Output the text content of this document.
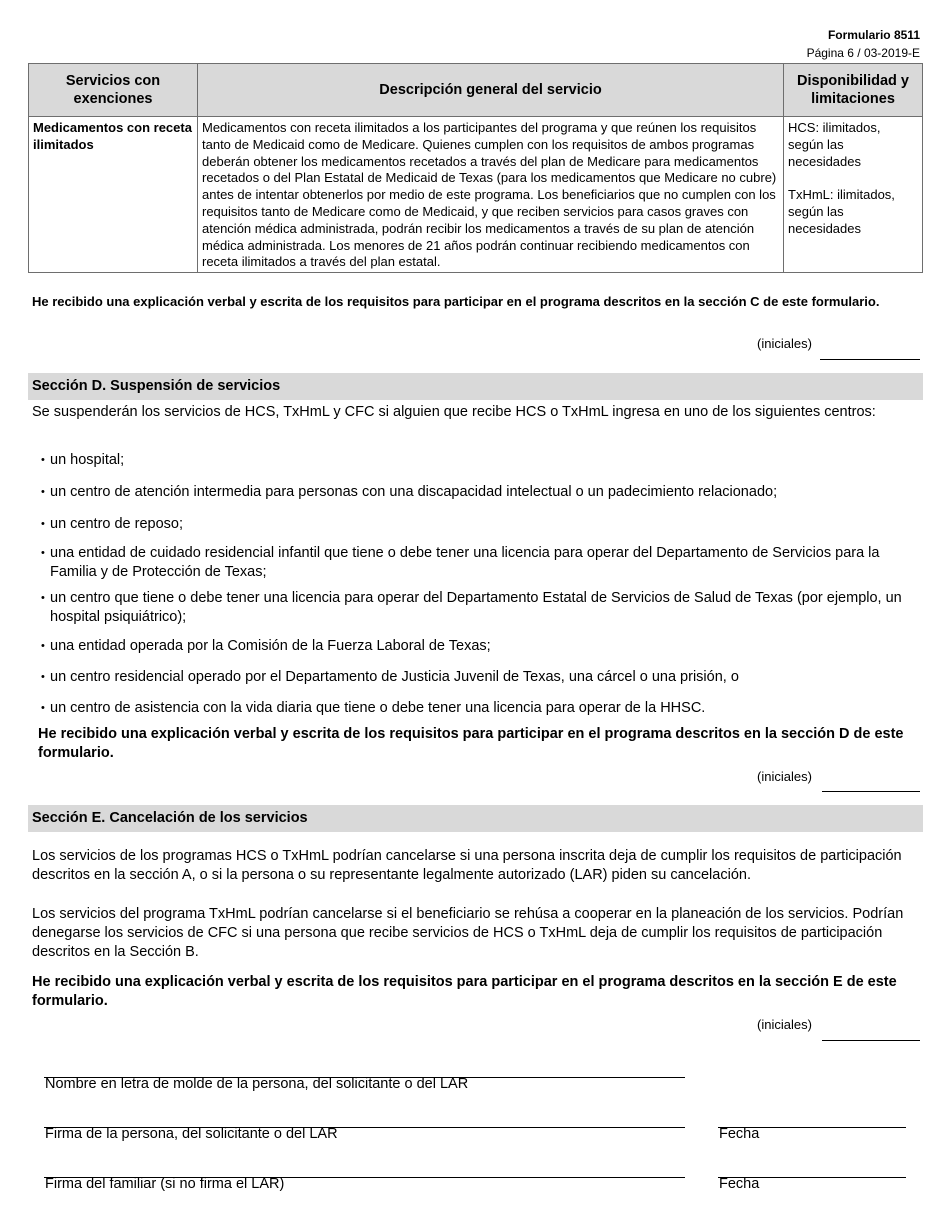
Formulario 8511
Página 6 / 03-2019-E
Servicios con exenciones	Descripción general del servicio	Disponibilidad y limitaciones
Medicamentos con receta ilimitados	Medicamentos con receta ilimitados a los participantes del programa y que reúnen los requisitos tanto de Medicaid como de Medicare. Quienes cumplen con los requisitos de ambos programas deberán obtener los medicamentos recetados a través del plan de Medicare para medicamentos recetados o del Plan Estatal de Medicaid de Texas (para los medicamentos que Medicare no cubre) antes de intentar obtenerlos por medio de este programa. Los beneficiarios que no cumplen con los requisitos tanto de Medicare como de Medicaid, y que reciben servicios para casos graves con atención médica administrada, podrán recibir los medicamentos a través de su plan de atención médica administrada. Los menores de 21 años podrán continuar recibiendo medicamentos con receta ilimitados a través del plan estatal.	HCS: ilimitados, según las necesidades
TxHmL: ilimitados, según las necesidades
He recibido una explicación verbal y escrita de los requisitos para participar en el programa descritos en la sección C de este formulario.
(iniciales)
Sección D. Suspensión de servicios
Se suspenderán los servicios de HCS, TxHmL y CFC si alguien que recibe HCS o TxHmL ingresa en uno de los siguientes centros:
• un hospital;
• un centro de atención intermedia para personas con una discapacidad intelectual o un padecimiento relacionado;
• un centro de reposo;
• una entidad de cuidado residencial infantil que tiene o debe tener una licencia para operar del Departamento de Servicios para la Familia y de Protección de Texas;
• un centro que tiene o debe tener una licencia para operar del Departamento Estatal de Servicios de Salud de Texas (por ejemplo, un hospital psiquiátrico);
• una entidad operada por la Comisión de la Fuerza Laboral de Texas;
• un centro residencial operado por el Departamento de Justicia Juvenil de Texas, una cárcel o una prisión, o
• un centro de asistencia con la vida diaria que tiene o debe tener una licencia para operar de la HHSC.
He recibido una explicación verbal y escrita de los requisitos para participar en el programa descritos en la sección D de este formulario.
(iniciales)
Sección E. Cancelación de los servicios
Los servicios de los programas HCS o TxHmL podrían cancelarse si una persona inscrita deja de cumplir los requisitos de participación descritos en la sección A, o si la persona o su representante legalmente autorizado (LAR) piden su cancelación.
Los servicios del programa TxHmL podrían cancelarse si el beneficiario se rehúsa a cooperar en la planeación de los servicios. Podrían denegarse los servicios de CFC si una persona que recibe servicios de HCS o TxHmL deja de cumplir los requisitos de participación descritos en la Sección B.
He recibido una explicación verbal y escrita de los requisitos para participar en el programa descritos en la sección E de este formulario.
(iniciales)
Nombre en letra de molde de la persona, del solicitante o del LAR
Firma de la persona, del solicitante o del LAR	Fecha
Firma del familiar (si no firma el LAR)	Fecha
